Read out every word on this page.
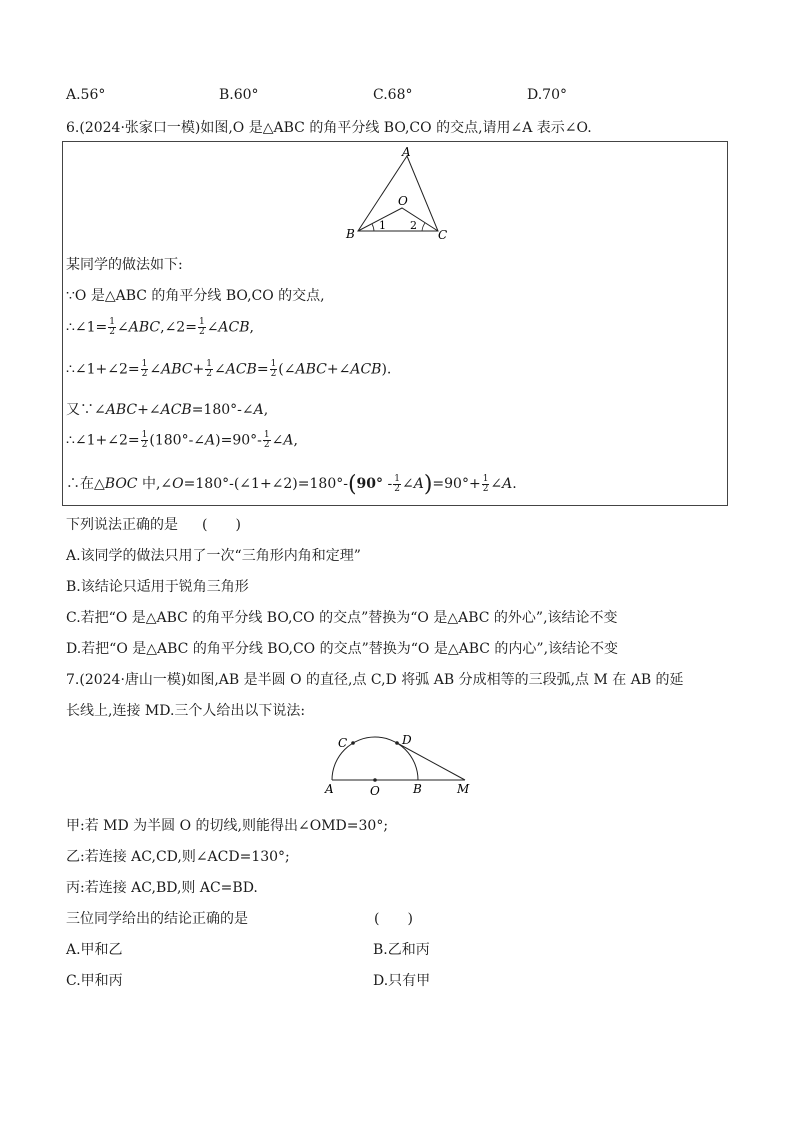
A.56°	B.60°	C.68°	D.70°
6.(2024·张家口一模)如图,O 是△ABC 的角平分线 BO,CO 的交点,请用∠A 表示∠O.
A
B	C
O
1 2
某同学的做法如下:
∵O 是△ABC 的角平分线 BO,CO 的交点,
∴∠1= $\frac{1}{2}$ ∠ABC,∠2= $\frac{1}{2}$ ∠ACB,
∴∠1+∠2= $\frac{1}{2}$ ∠ABC+ $\frac{1}{2}$ ∠ACB= $\frac{1}{2}$ (∠ABC+∠ACB).
又∵∠ABC+∠ACB=180°-∠A,
∴∠1+∠2= $\frac{1}{2}$ (180°-∠A)=90°- $\frac{1}{2}$ ∠A,
∴在△BOC 中,∠O=180°-(∠1+∠2)=180°-(90° - $\frac{1}{2}$ ∠A)=90°+ $\frac{1}{2}$ ∠A.
下列说法正确的是 (　　)
A.该同学的做法只用了一次“三角形内角和定理”
B.该结论只适用于锐角三角形
C.若把“O 是△ABC 的角平分线 BO,CO 的交点”替换为“O 是△ABC 的外心”,该结论不变
D.若把“O 是△ABC 的角平分线 BO,CO 的交点”替换为“O 是△ABC 的内心”,该结论不变
7.(2024·唐山一模)如图,AB 是半圆 O 的直径,点 C,D 将弧 AB 分成相等的三段弧,点 M 在 AB 的延
长线上,连接 MD.三个人给出以下说法:
C	D
A	O	B	M
甲:若 MD 为半圆 O 的切线,则能得出∠OMD=30°;
乙:若连接 AC,CD,则∠ACD=130°;
丙:若连接 AC,BD,则 AC=BD.
三位同学给出的结论正确的是	(　　)
A.甲和乙	B.乙和丙
C.甲和丙	D.只有甲
